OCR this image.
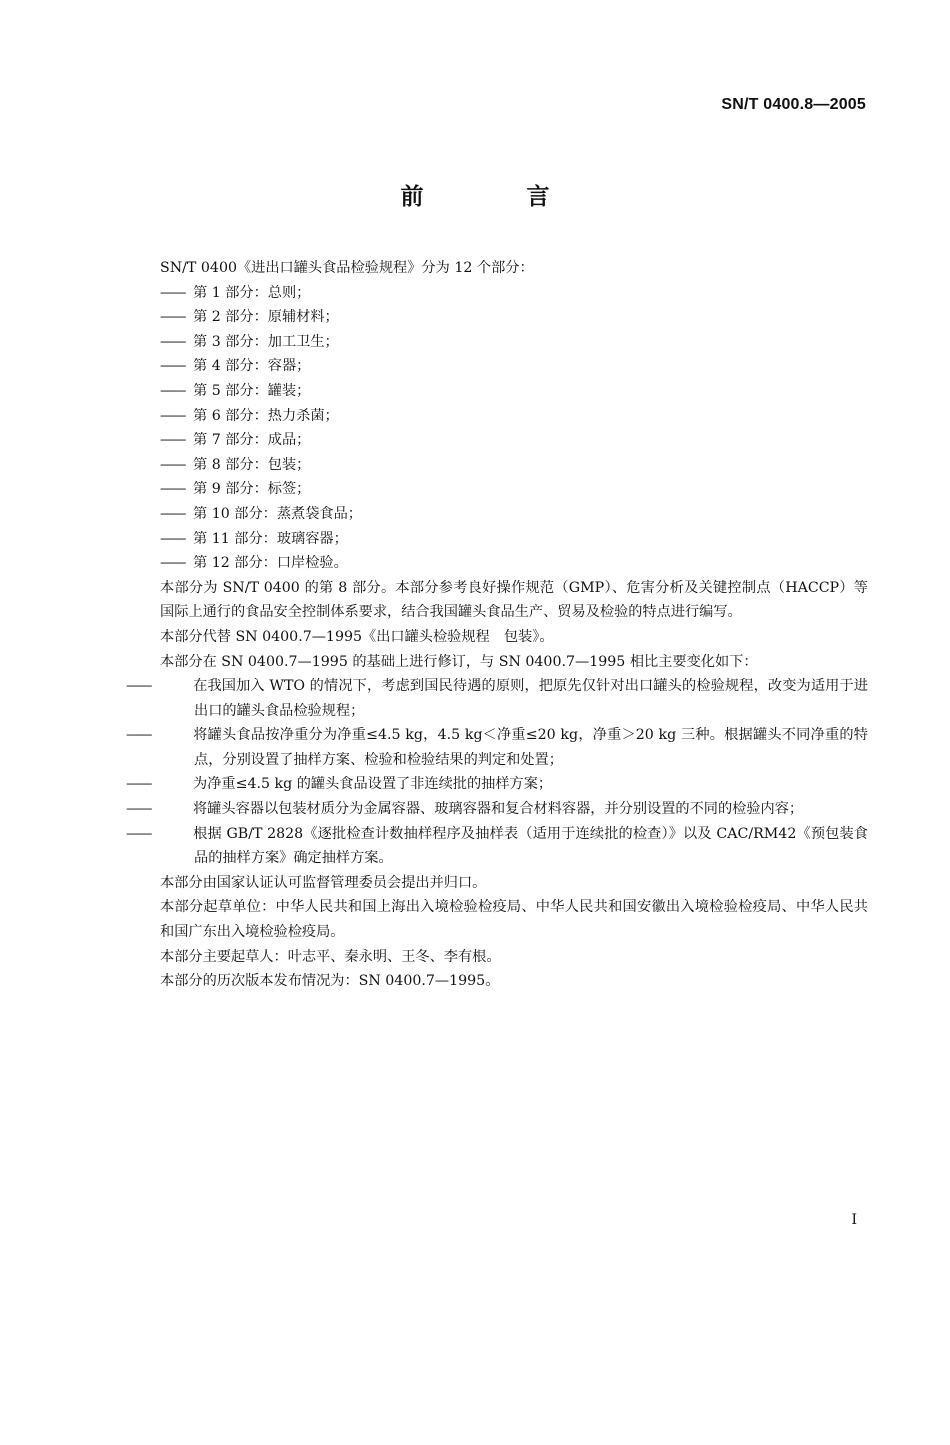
SN/T 0400.8—2005
前　言
SN/T 0400《进出口罐头食品检验规程》分为 12 个部分：
—— 第 1 部分：总则；
—— 第 2 部分：原辅材料；
—— 第 3 部分：加工卫生；
—— 第 4 部分：容器；
—— 第 5 部分：罐装；
—— 第 6 部分：热力杀菌；
—— 第 7 部分：成品；
—— 第 8 部分：包装；
—— 第 9 部分：标签；
—— 第 10 部分：蒸煮袋食品；
—— 第 11 部分：玻璃容器；
—— 第 12 部分：口岸检验。
本部分为 SN/T 0400 的第 8 部分。本部分参考良好操作规范（GMP）、危害分析及关键控制点（HACCP）等国际上通行的食品安全控制体系要求，结合我国罐头食品生产、贸易及检验的特点进行编写。
本部分代替 SN 0400.7—1995《出口罐头检验规程　包装》。
本部分在 SN 0400.7—1995 的基础上进行修订，与 SN 0400.7—1995 相比主要变化如下：
——	在我国加入 WTO 的情况下，考虑到国民待遇的原则，把原先仅针对出口罐头的检验规程，改变为适用于进出口的罐头食品检验规程；
——	将罐头食品按净重分为净重≤4.5 kg，4.5 kg＜净重≤20 kg，净重＞20 kg 三种。根据罐头不同净重的特点，分别设置了抽样方案、检验和检验结果的判定和处置；
——	为净重≤4.5 kg 的罐头食品设置了非连续批的抽样方案；
——	将罐头容器以包装材质分为金属容器、玻璃容器和复合材料容器，并分别设置的不同的检验内容；
——	根据 GB/T 2828《逐批检查计数抽样程序及抽样表（适用于连续批的检查）》以及 CAC/RM42《预包装食品的抽样方案》确定抽样方案。
本部分由国家认证认可监督管理委员会提出并归口。
本部分起草单位：中华人民共和国上海出入境检验检疫局、中华人民共和国安徽出入境检验检疫局、中华人民共和国广东出入境检验检疫局。
本部分主要起草人：叶志平、秦永明、王冬、李有根。
本部分的历次版本发布情况为：SN 0400.7—1995。
I
